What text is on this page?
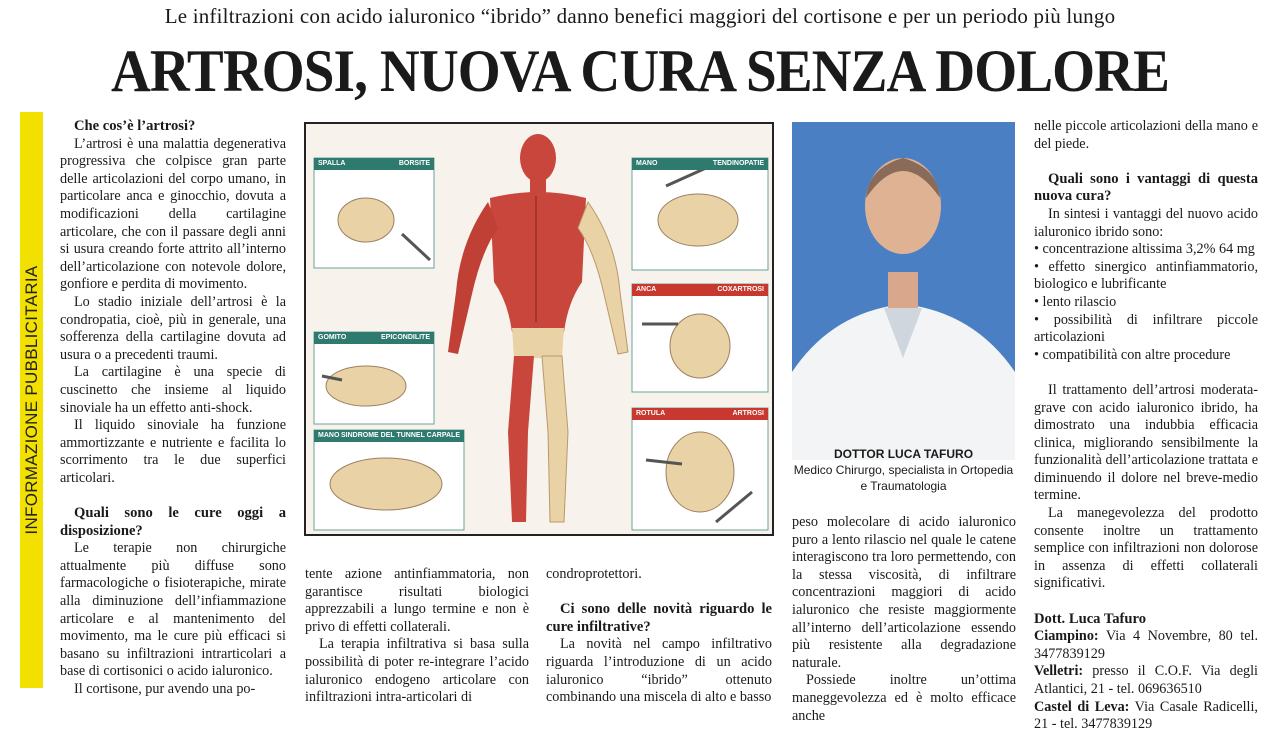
Le infiltrazioni con acido ialuronico “ibrido” danno benefici maggiori del cortisone e per un periodo più lungo
ARTROSI, NUOVA CURA SENZA DOLORE
INFORMAZIONE PUBBLICITARIA
Che cos’è l’artrosi?

L’artrosi è una malattia degenerativa progressiva che colpisce gran parte delle articolazioni del corpo umano, in particolare anca e ginocchio, dovuta a modificazioni della cartilagine articolare, che con il passare degli anni si usura creando forte attrito all’interno dell’articolazione con notevole dolore, gonfiore e perdita di movimento.

Lo stadio iniziale dell’artrosi è la condropatia, cioè, più in generale, una sofferenza della cartilagine dovuta ad usura o a precedenti traumi.

La cartilagine è una specie di cuscinetto che insieme al liquido sinoviale ha un effetto anti-shock.

Il liquido sinoviale ha funzione ammortizzante e nutriente e facilita lo scorrimento tra le due superfici articolari.

Quali sono le cure oggi a disposizione?

Le terapie non chirurgiche attualmente più diffuse sono farmacologiche o fisioterapiche, mirate alla diminuzione dell’infiammazione articolare e al mantenimento del movimento, ma le cure più efficaci si basano su infiltrazioni intrarticolari a base di cortisonici o acido ialuronico.

Il cortisone, pur avendo una po-

SPALLA	BORSITE	MANO	TENDINOPATIE
GOMITO	EPICONDILITE
ANCA	COXARTROSI
MANO SINDROME DEL TUNNEL CARPALE
ROTULA	ARTROSI
DOTTOR LUCA TAFURO
Medico Chirurgo, specialista in Ortopedia e Traumatologia

tente azione antinfiammatoria, non garantisce risultati biologici apprezzabili a lungo termine e non è privo di effetti collaterali.

La terapia infiltrativa si basa sulla possibilità di poter re-integrare l’acido ialuronico endogeno articolare con infiltrazioni intra-articolari di

condroprotettori.

Ci sono delle novità riguardo le cure infiltrative?

La novità nel campo infiltrativo riguarda l’introduzione di un acido ialuronico “ibrido” ottenuto combinando una miscela di alto e basso

peso molecolare di acido ialuronico puro a lento rilascio nel quale le catene interagiscono tra loro permettendo, con la stessa viscosità, di infiltrare concentrazioni maggiori di acido ialuronico che resiste maggiormente all’interno dell’articolazione essendo più resistente alla degradazione naturale.

Possiede inoltre un’ottima maneggevolezza ed è molto efficace anche

nelle piccole articolazioni della mano e del piede.

Quali sono i vantaggi di questa nuova cura?

In sintesi i vantaggi del nuovo acido ialuronico ibrido sono:

• concentrazione altissima 3,2% 64 mg

• effetto sinergico antinfiammatorio, biologico e lubrificante

• lento rilascio

• possibilità di infiltrare piccole articolazioni

• compatibilità con altre procedure

Il trattamento dell’artrosi moderata-grave con acido ialuronico ibrido, ha dimostrato una indubbia efficacia clinica, migliorando sensibilmente la funzionalità dell’articolazione trattata e diminuendo il dolore nel breve-medio termine.

La manegevolezza del prodotto consente inoltre un trattamento semplice con infiltrazioni non dolorose in assenza di effetti collaterali significativi.

Dott. Luca Tafuro

Ciampino: Via 4 Novembre, 80 tel. 3477839129

Velletri: presso il C.O.F. Via degli Atlantici, 21 - tel. 069636510

Castel di Leva: Via Casale Radicelli, 21 - tel. 3477839129
